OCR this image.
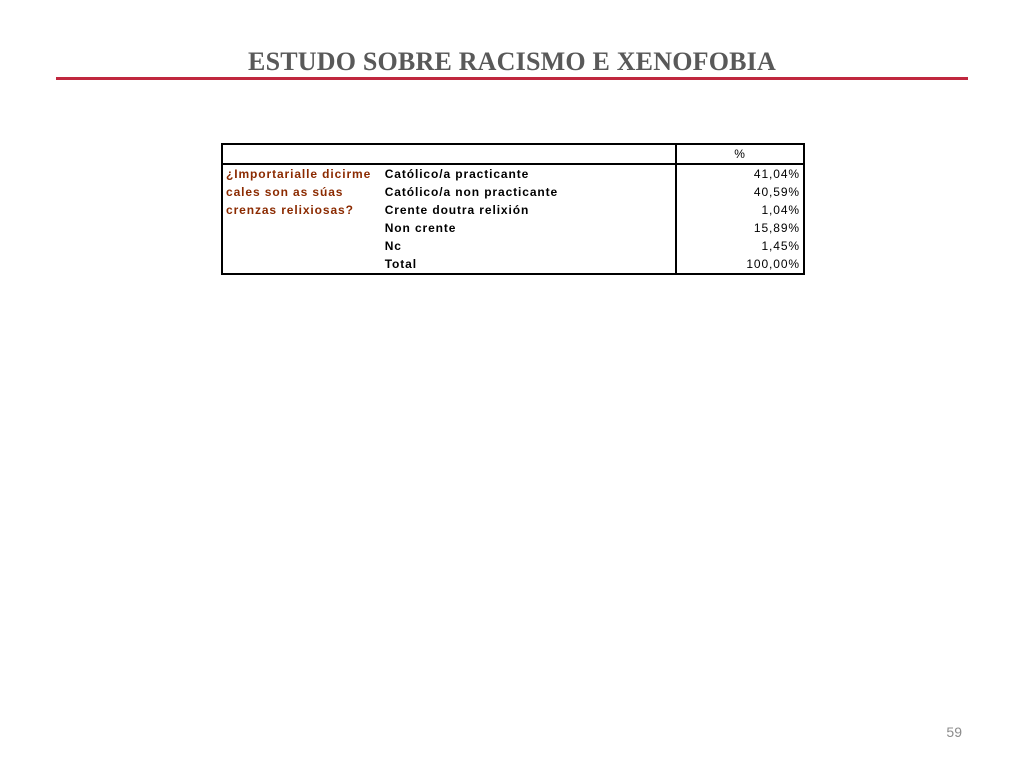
ESTUDO SOBRE RACISMO E XENOFOBIA
		%
¿Importarialle dicirme cales son as súas crenzas relixiosas?	Católico/a practicante	41,04%
	Católico/a non practicante	40,59%
	Crente doutra relixión	1,04%
	Non crente	15,89%
	Nc	1,45%
	Total	100,00%
59
